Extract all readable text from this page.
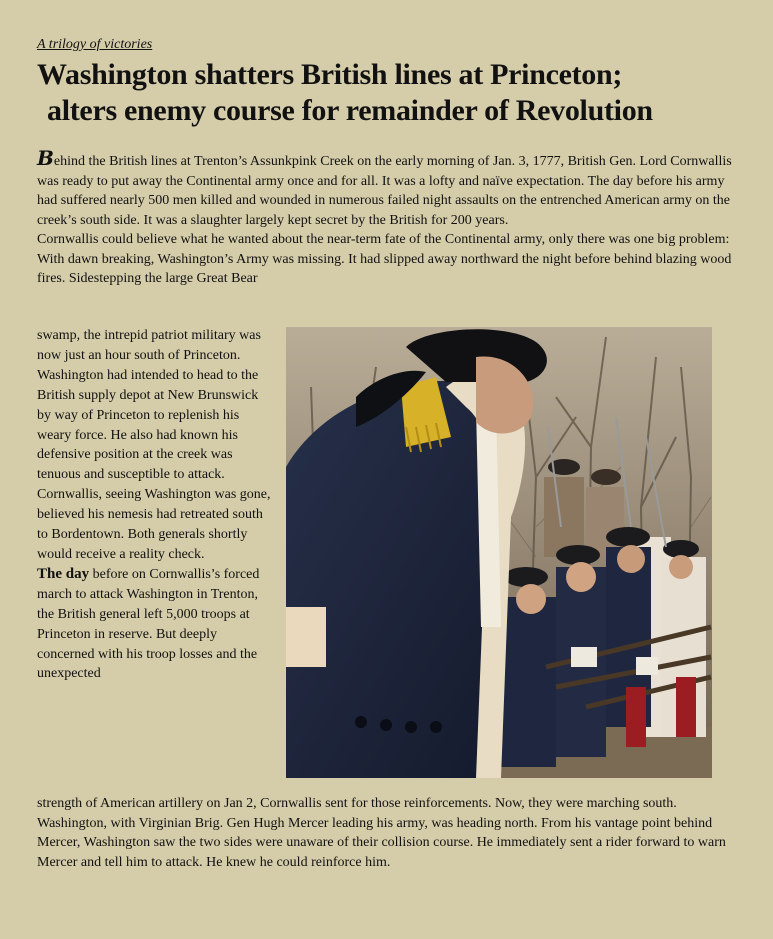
A trilogy of victories
Washington shatters British lines at Princeton;
alters enemy course for remainder of Revolution

Behind the British lines at Trenton’s Assunkpink Creek on the early morning of Jan. 3, 1777, British Gen. Lord Cornwallis was ready to put away the Continental army once and for all. It was a lofty and naïve expectation. The day before his army had suffered nearly 500 men killed and wounded in numerous failed night assaults on the entrenched American army on the creek’s south side. It was a slaughter largely kept secret by the British for 200 years.

Cornwallis could believe what he wanted about the near-term fate of the Continental army, only there was one big problem: With dawn breaking, Washington’s Army was missing. It had slipped away northward the night before behind blazing wood fires. Sidestepping the large Great Bear

swamp, the intrepid patriot military was now just an hour south of Princeton.

Washington had intended to head to the British supply depot at New Brunswick by way of Princeton to replenish his weary force. He also had known his defensive position at the creek was tenuous and susceptible to attack. Cornwallis, seeing Washington was gone, believed his nemesis had retreated south to Bordentown. Both generals shortly would receive a reality check.

The day before on Cornwallis’s forced march to attack Washington in Trenton, the British general left 5,000 troops at Princeton in reserve. But deeply concerned with his troop losses and the unexpected

strength of American artillery on Jan 2, Cornwallis sent for those reinforcements. Now, they were marching south.

Washington, with Virginian Brig. Gen Hugh Mercer leading his army, was heading north. From his vantage point behind Mercer, Washington saw the two sides were unaware of their collision course. He immediately sent a rider forward to warn Mercer and tell him to attack. He knew he could reinforce him.
